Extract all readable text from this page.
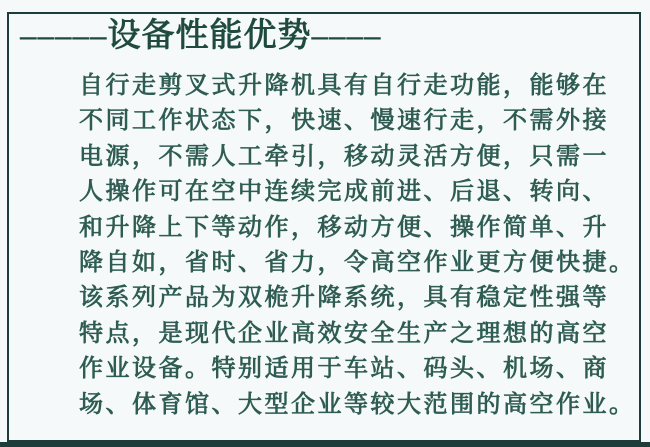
–––––设备性能优势––––
自行走剪叉式升降机具有自行走功能，能够在
不同工作状态下，快速、慢速行走，不需外接
电源，不需人工牵引，移动灵活方便，只需一
人操作可在空中连续完成前进、后退、转向、
和升降上下等动作，移动方便、操作简单、升
降自如，省时、省力，令高空作业更方便快捷。
该系列产品为双桅升降系统，具有稳定性强等
特点，是现代企业高效安全生产之理想的高空
作业设备。特别适用于车站、码头、机场、商
场、体育馆、大型企业等较大范围的高空作业。
